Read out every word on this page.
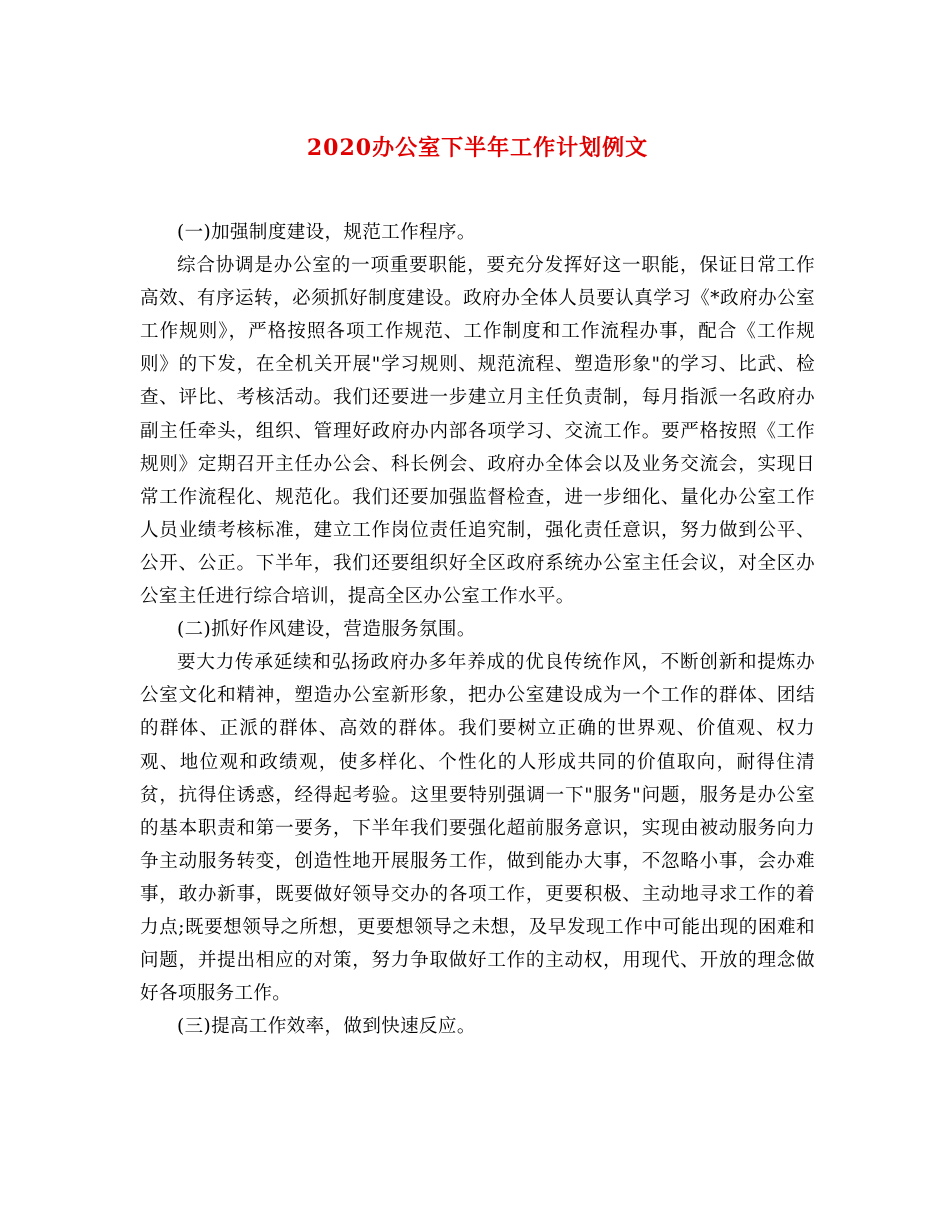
2020办公室下半年工作计划例文

(一)加强制度建设，规范工作程序。

综合协调是办公室的一项重要职能，要充分发挥好这一职能，保证日常工作高效、有序运转，必须抓好制度建设。政府办全体人员要认真学习《*政府办公室工作规则》，严格按照各项工作规范、工作制度和工作流程办事，配合《工作规则》的下发，在全机关开展"学习规则、规范流程、塑造形象"的学习、比武、检查、评比、考核活动。我们还要进一步建立月主任负责制，每月指派一名政府办副主任牵头，组织、管理好政府办内部各项学习、交流工作。要严格按照《工作规则》定期召开主任办公会、科长例会、政府办全体会以及业务交流会，实现日常工作流程化、规范化。我们还要加强监督检查，进一步细化、量化办公室工作人员业绩考核标准，建立工作岗位责任追究制，强化责任意识，努力做到公平、公开、公正。下半年，我们还要组织好全区政府系统办公室主任会议，对全区办公室主任进行综合培训，提高全区办公室工作水平。

(二)抓好作风建设，营造服务氛围。

要大力传承延续和弘扬政府办多年养成的优良传统作风，不断创新和提炼办公室文化和精神，塑造办公室新形象，把办公室建设成为一个工作的群体、团结的群体、正派的群体、高效的群体。我们要树立正确的世界观、价值观、权力观、地位观和政绩观，使多样化、个性化的人形成共同的价值取向，耐得住清贫，抗得住诱惑，经得起考验。这里要特别强调一下"服务"问题，服务是办公室的基本职责和第一要务，下半年我们要强化超前服务意识，实现由被动服务向力争主动服务转变，创造性地开展服务工作，做到能办大事，不忽略小事，会办难事，敢办新事，既要做好领导交办的各项工作，更要积极、主动地寻求工作的着力点;既要想领导之所想，更要想领导之未想，及早发现工作中可能出现的困难和问题，并提出相应的对策，努力争取做好工作的主动权，用现代、开放的理念做好各项服务工作。

(三)提高工作效率，做到快速反应。
